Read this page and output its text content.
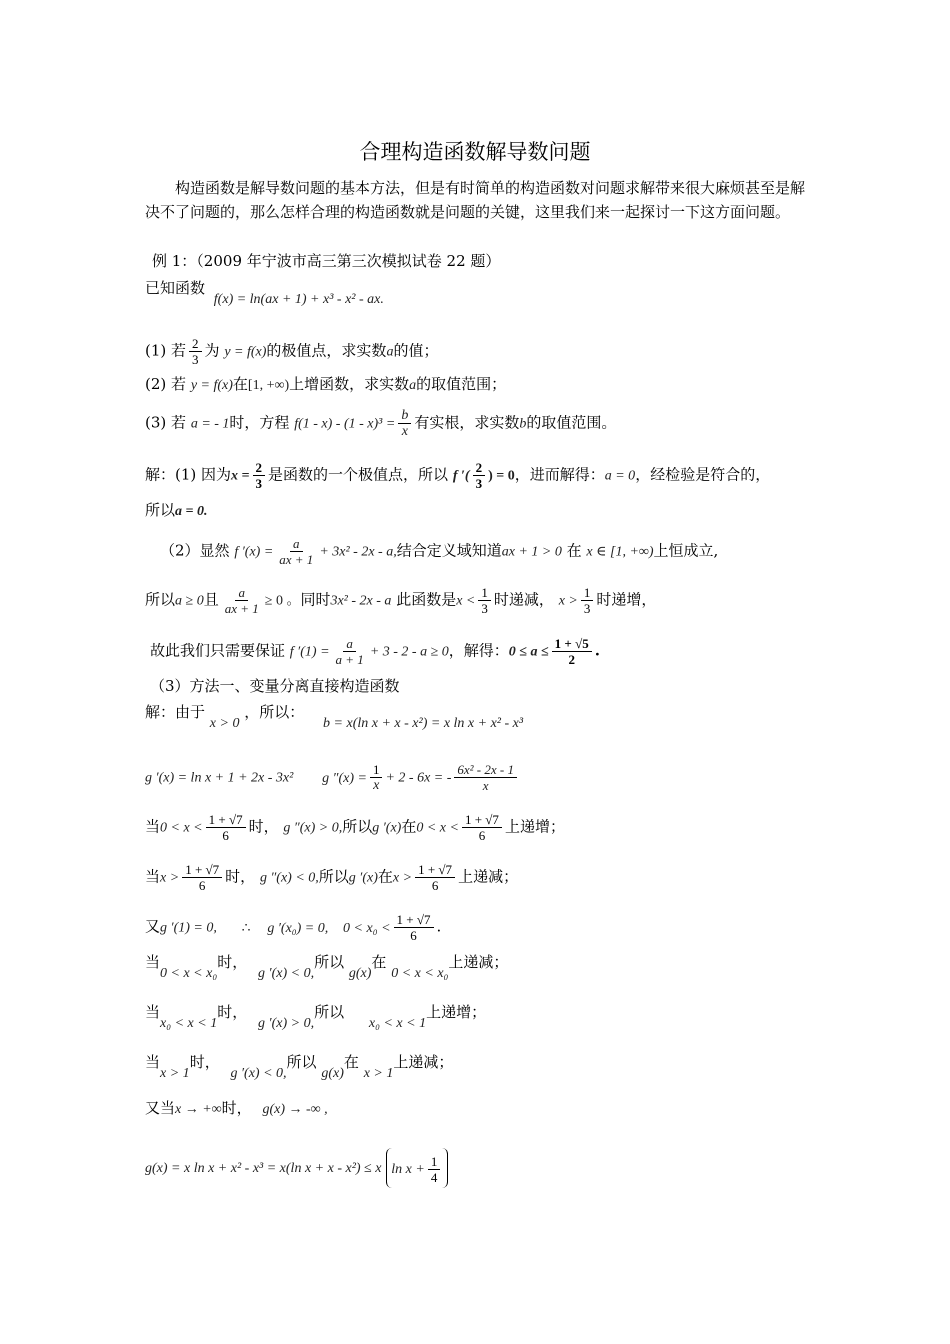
合理构造函数解导数问题
构造函数是解导数问题的基本方法，但是有时简单的构造函数对问题求解带来很大麻烦甚至是解决不了问题的，那么怎样合理的构造函数就是问题的关键，这里我们来一起探讨一下这方面问题。
例 1：（2009 年宁波市高三第三次模拟试卷 22 题）
已知函数 f(x) = ln(ax + 1) + x³ - x² - ax.
(1) 若 $\frac{2}{3}$ 为 y = f(x)的极值点，求实数a的值；
(2) 若 y = f(x)在[1, +∞)上增函数，求实数a的取值范围；
(3) 若 a = - 1时，方程 $f(1 - x) - (1 - x)^3 = \frac{b}{x}$ 有实根，求实数b的取值范围。
解：(1) 因为$x = \frac{2}{3}$ 是函数的一个极值点，所以 f ′( $\frac{2}{3}$ ) = 0，进而解得：a = 0，经检验是符合的，
所以a = 0.
（2）显然 f $'(x) = \frac{a}{ax + 1} + 3x^2 - 2x - a$,结合定义域知道ax + 1 > 0 在 x ∈ [1, +∞)上恒成立,
所以a ≥ 0且 $\frac{a}{ax + 1} \ge 0$ 。同时3x² - 2x - a 此函数是$x < \frac{1}{3}$ 时递减， $x > \frac{1}{3}$ 时递增，
故此我们只需要保证 f $'(1) = \frac{a}{a + 1} + 3 - 2 - a \ge 0$，解得：$0 \le a \le \frac{1 + √5}{2}$ .
（3）方法一、变量分离直接构造函数
解：由于 x > 0 ，所以： b = x(ln x + x - x²) = x ln x + x² - x³
g ′(x) = ln x + 1 + 2x - 3x² g $''(x) = \frac{1}{x} + 2 - 6x$ = - $\frac{\text{6x² - 2x - 1}}{x}$
当$0 < x < \frac{1 + √7}{6}$ 时， g ″(x) > 0,所以g ′(x)在$0 < x < \frac{1 + √7}{6}$ 上递增；
当$x > \frac{1 + √7}{6}$ 时， g ″(x) < 0,所以g ′(x)在$x > \frac{1 + √7}{6}$ 上递减；
又g ′(1) = 0, ∴ g ′(x₀) = 0, $0 < x_0 < \frac{1 + √7}{6}$ .
当0 < x < x₀时， g ′(x) < 0,所以 g(x)在 0 < x < x₀上递减；
当x₀ < x < 1时， g ′(x) > 0,所以 x₀ < x < 1上递增；
当x > 1时， g ′(x) < 0,所以 g(x)在 x > 1上递减；
又当x → +∞时， g(x) → -∞ ,
g(x) = x ln x + x² - x³ = x(ln x + x - x²) ≤ x $\ln x + \frac{1}{4}$
